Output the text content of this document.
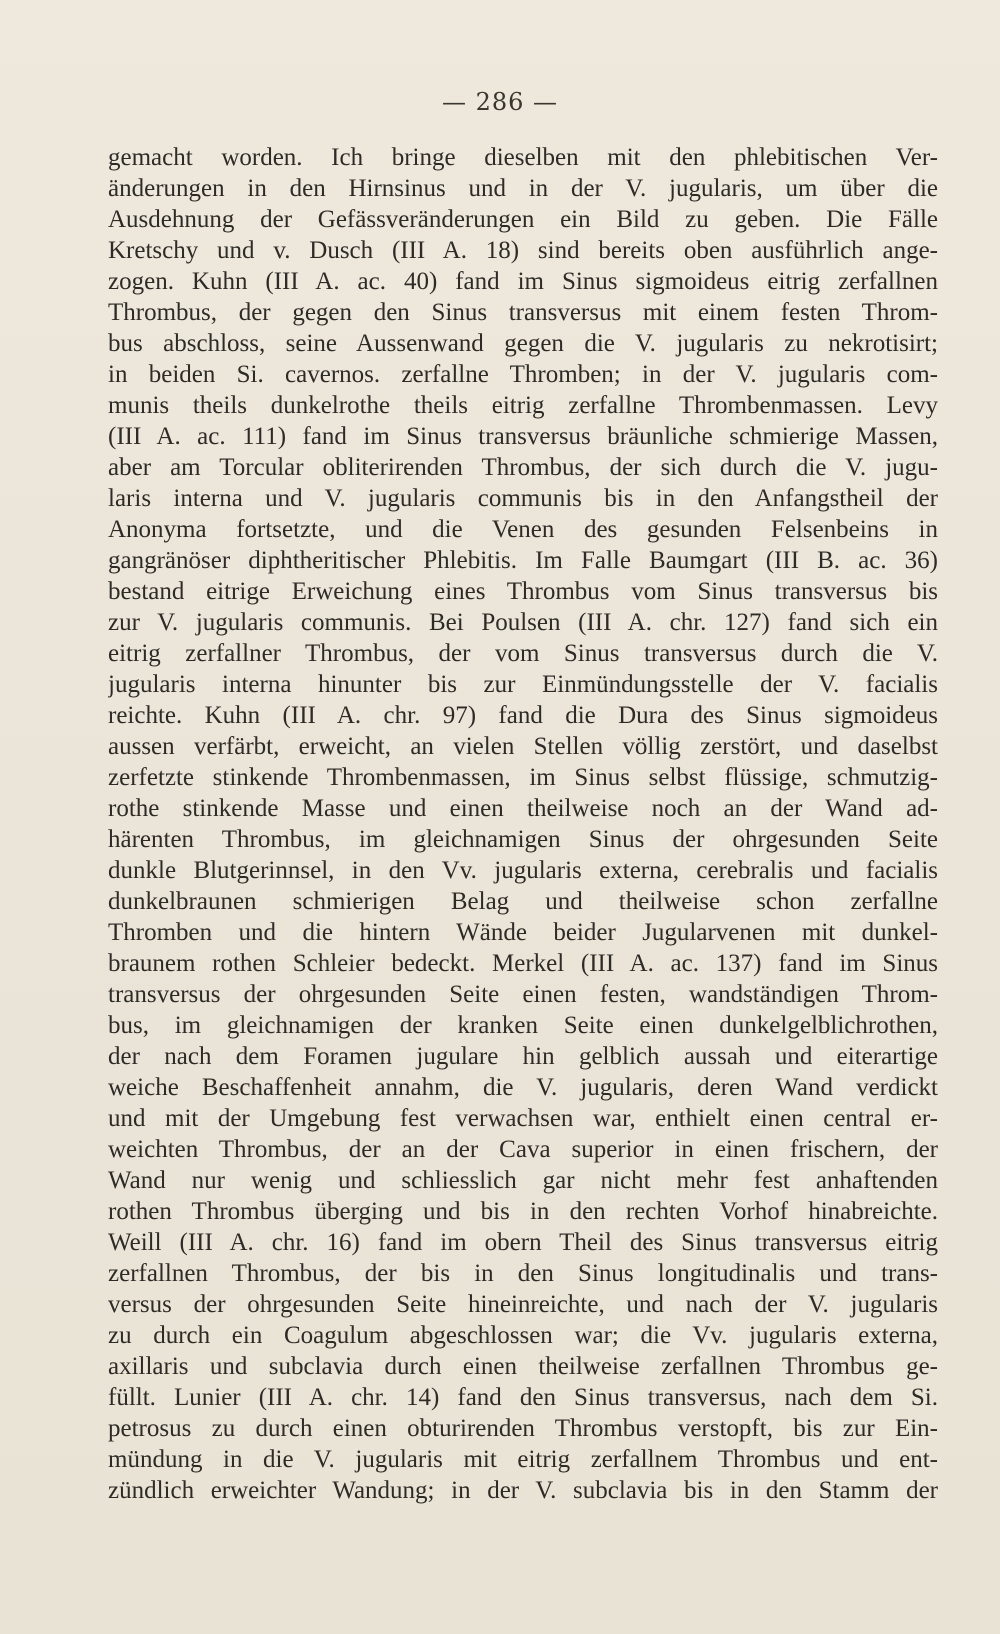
— 286 —
gemacht worden. Ich bringe dieselben mit den phlebitischen Ver-
änderungen in den Hirnsinus und in der V. jugularis, um über die
Ausdehnung der Gefässveränderungen ein Bild zu geben. Die Fälle
Kretschy und v. Dusch (III A. 18) sind bereits oben ausführlich ange-
zogen. Kuhn (III A. ac. 40) fand im Sinus sigmoideus eitrig zerfallnen
Thrombus, der gegen den Sinus transversus mit einem festen Throm-
bus abschloss, seine Aussenwand gegen die V. jugularis zu nekrotisirt;
in beiden Si. cavernos. zerfallne Thromben; in der V. jugularis com-
munis theils dunkelrothe theils eitrig zerfallne Thrombenmassen. Levy
(III A. ac. 111) fand im Sinus transversus bräunliche schmierige Massen,
aber am Torcular obliterirenden Thrombus, der sich durch die V. jugu-
laris interna und V. jugularis communis bis in den Anfangstheil der
Anonyma fortsetzte, und die Venen des gesunden Felsenbeins in
gangränöser diphtheritischer Phlebitis. Im Falle Baumgart (III B. ac. 36)
bestand eitrige Erweichung eines Thrombus vom Sinus transversus bis
zur V. jugularis communis. Bei Poulsen (III A. chr. 127) fand sich ein
eitrig zerfallner Thrombus, der vom Sinus transversus durch die V.
jugularis interna hinunter bis zur Einmündungsstelle der V. facialis
reichte. Kuhn (III A. chr. 97) fand die Dura des Sinus sigmoideus
aussen verfärbt, erweicht, an vielen Stellen völlig zerstört, und daselbst
zerfetzte stinkende Thrombenmassen, im Sinus selbst flüssige, schmutzig-
rothe stinkende Masse und einen theilweise noch an der Wand ad-
härenten Thrombus, im gleichnamigen Sinus der ohrgesunden Seite
dunkle Blutgerinnsel, in den Vv. jugularis externa, cerebralis und facialis
dunkelbraunen schmierigen Belag und theilweise schon zerfallne
Thromben und die hintern Wände beider Jugularvenen mit dunkel-
braunem rothen Schleier bedeckt. Merkel (III A. ac. 137) fand im Sinus
transversus der ohrgesunden Seite einen festen, wandständigen Throm-
bus, im gleichnamigen der kranken Seite einen dunkelgelblichrothen,
der nach dem Foramen jugulare hin gelblich aussah und eiterartige
weiche Beschaffenheit annahm, die V. jugularis, deren Wand verdickt
und mit der Umgebung fest verwachsen war, enthielt einen central er-
weichten Thrombus, der an der Cava superior in einen frischern, der
Wand nur wenig und schliesslich gar nicht mehr fest anhaftenden
rothen Thrombus überging und bis in den rechten Vorhof hinabreichte.
Weill (III A. chr. 16) fand im obern Theil des Sinus transversus eitrig
zerfallnen Thrombus, der bis in den Sinus longitudinalis und trans-
versus der ohrgesunden Seite hineinreichte, und nach der V. jugularis
zu durch ein Coagulum abgeschlossen war; die Vv. jugularis externa,
axillaris und subclavia durch einen theilweise zerfallnen Thrombus ge-
füllt. Lunier (III A. chr. 14) fand den Sinus transversus, nach dem Si.
petrosus zu durch einen obturirenden Thrombus verstopft, bis zur Ein-
mündung in die V. jugularis mit eitrig zerfallnem Thrombus und ent-
zündlich erweichter Wandung; in der V. subclavia bis in den Stamm der
